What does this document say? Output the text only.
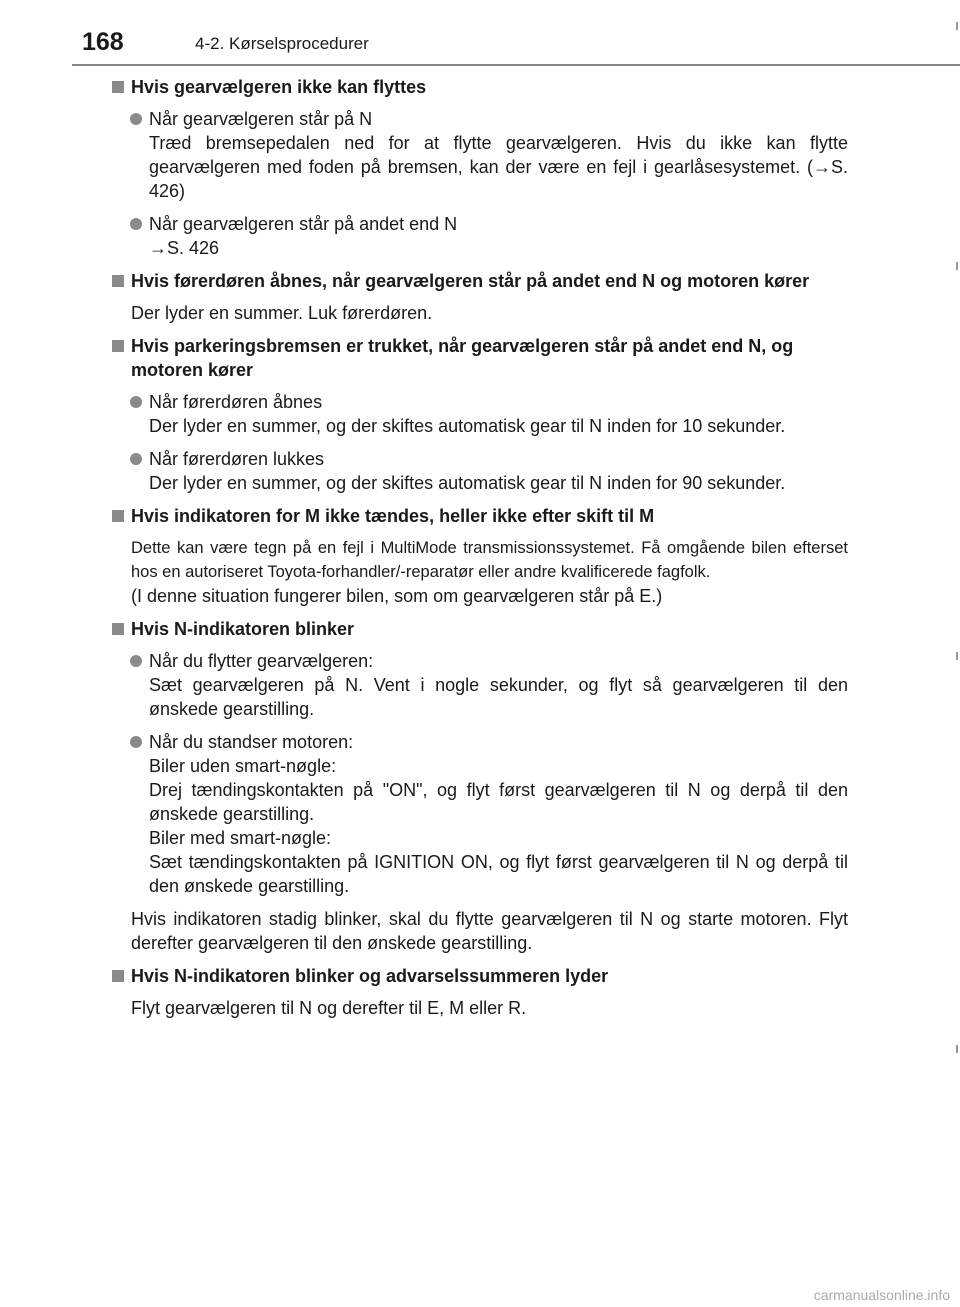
168	4-2. Kørselsprocedurer
Hvis gearvælgeren ikke kan flyttes
Når gearvælgeren står på N
Træd bremsepedalen ned for at flytte gearvælgeren. Hvis du ikke kan flytte gearvælgeren med foden på bremsen, kan der være en fejl i gearlåsesystemet. (→S. 426)
Når gearvælgeren står på andet end N
→S. 426
Hvis førerdøren åbnes, når gearvælgeren står på andet end N og motoren kører
Der lyder en summer. Luk førerdøren.
Hvis parkeringsbremsen er trukket, når gearvælgeren står på andet end N, og motoren kører
Når førerdøren åbnes
Der lyder en summer, og der skiftes automatisk gear til N inden for 10 sekunder.
Når førerdøren lukkes
Der lyder en summer, og der skiftes automatisk gear til N inden for 90 sekunder.
Hvis indikatoren for M ikke tændes, heller ikke efter skift til M
Dette kan være tegn på en fejl i MultiMode transmissionssystemet. Få omgående bilen efterset hos en autoriseret Toyota-forhandler/-reparatør eller andre kvalificerede fagfolk.
(I denne situation fungerer bilen, som om gearvælgeren står på E.)
Hvis N-indikatoren blinker
Når du flytter gearvælgeren:
Sæt gearvælgeren på N. Vent i nogle sekunder, og flyt så gearvælgeren til den ønskede gearstilling.
Når du standser motoren:
Biler uden smart-nøgle:
Drej tændingskontakten på "ON", og flyt først gearvælgeren til N og derpå til den ønskede gearstilling.
Biler med smart-nøgle:
Sæt tændingskontakten på IGNITION ON, og flyt først gearvælgeren til N og derpå til den ønskede gearstilling.
Hvis indikatoren stadig blinker, skal du flytte gearvælgeren til N og starte motoren. Flyt derefter gearvælgeren til den ønskede gearstilling.
Hvis N-indikatoren blinker og advarselssummeren lyder
Flyt gearvælgeren til N og derefter til E, M eller R.
carmanualsonline.info
